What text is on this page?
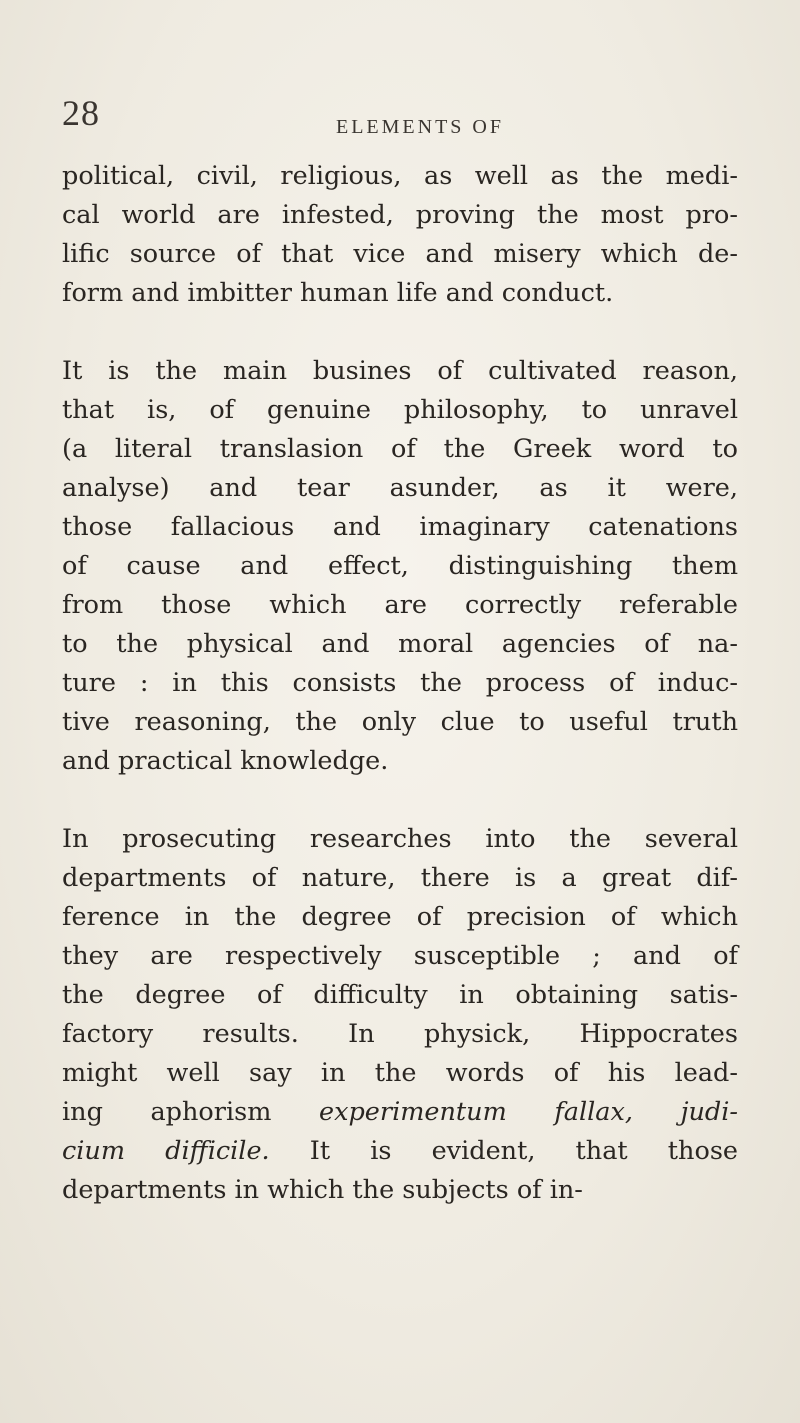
28	ELEMENTS OF
political, civil, religious, as well as the medi-
cal world are infested, proving the most pro-
lific source of that vice and misery which de-
form and imbitter human life and conduct.
It is the main busines of cultivated reason,
that is, of genuine philosophy, to unravel
(a literal translasion of the Greek word to
analyse) and tear asunder, as it were,
those fallacious and imaginary catenations
of cause and effect, distinguishing them
from those which are correctly referable
to the physical and moral agencies of na-
ture : in this consists the process of induc-
tive reasoning, the only clue to useful truth
and practical knowledge.
In prosecuting researches into the several
departments of nature, there is a great dif-
ference in the degree of precision of which
they are respectively susceptible ; and of
the degree of difficulty in obtaining satis-
factory results. In physick, Hippocrates
might well say in the words of his lead-
ing aphorism experimentum fallax, judi-
cium difficile. It is evident, that those
departments in which the subjects of in-
